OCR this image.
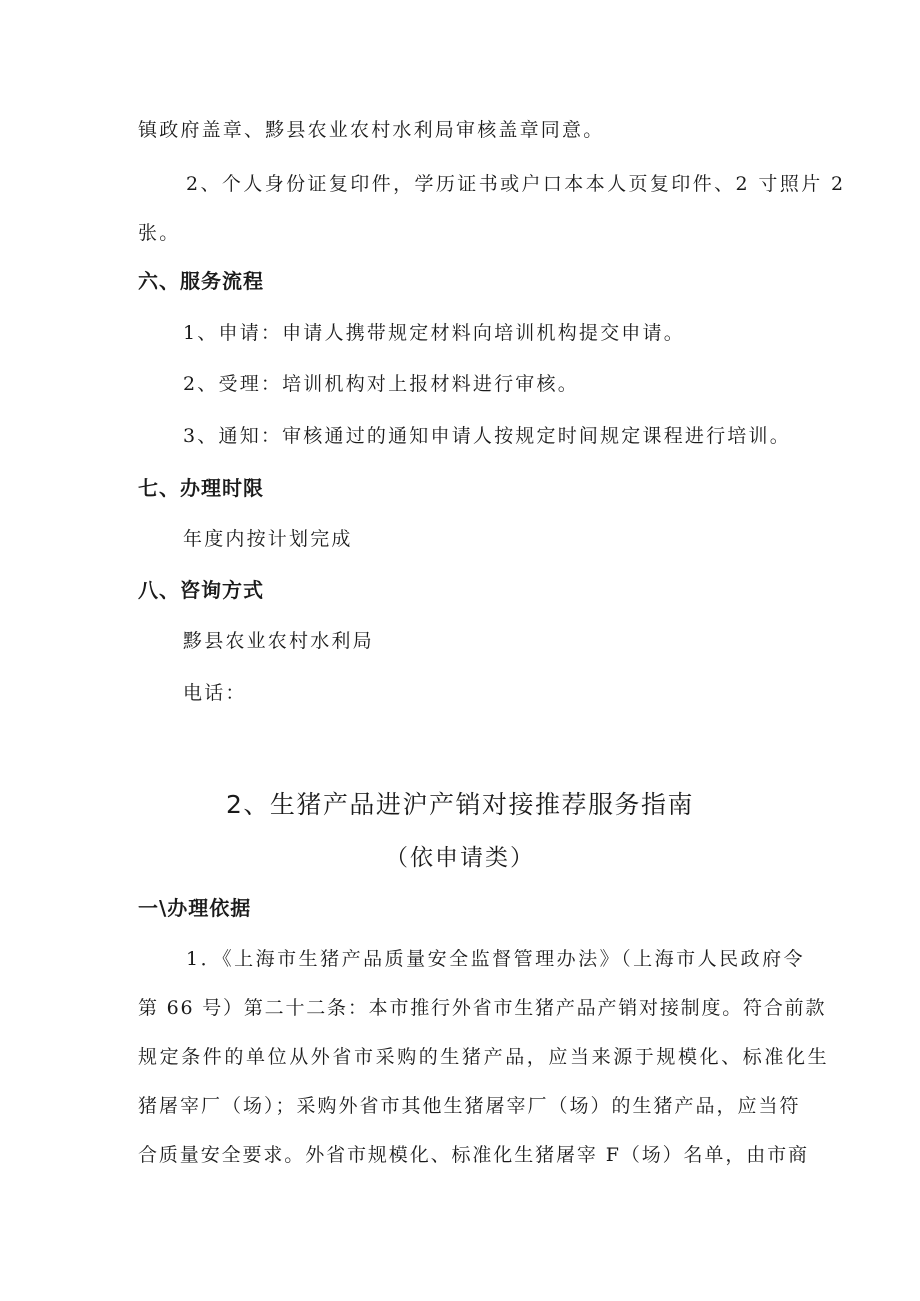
镇政府盖章、黟县农业农村水利局审核盖章同意。
2、个人身份证复印件，学历证书或户口本本人页复印件、2 寸照片 2
张。
六、服务流程
1、申请：申请人携带规定材料向培训机构提交申请。
2、受理：培训机构对上报材料进行审核。
3、通知：审核通过的通知申请人按规定时间规定课程进行培训。
七、办理时限
年度内按计划完成
八、咨询方式
黟县农业农村水利局
电话：
2、生猪产品进沪产销对接推荐服务指南
（依申请类）
一\办理依据
1．《上海市生猪产品质量安全监督管理办法》（上海市人民政府令
第 66 号）第二十二条：本市推行外省市生猪产品产销对接制度。符合前款
规定条件的单位从外省市采购的生猪产品，应当来源于规模化、标准化生
猪屠宰厂（场）；采购外省市其他生猪屠宰厂（场）的生猪产品，应当符
合质量安全要求。外省市规模化、标准化生猪屠宰 F（场）名单，由市商
